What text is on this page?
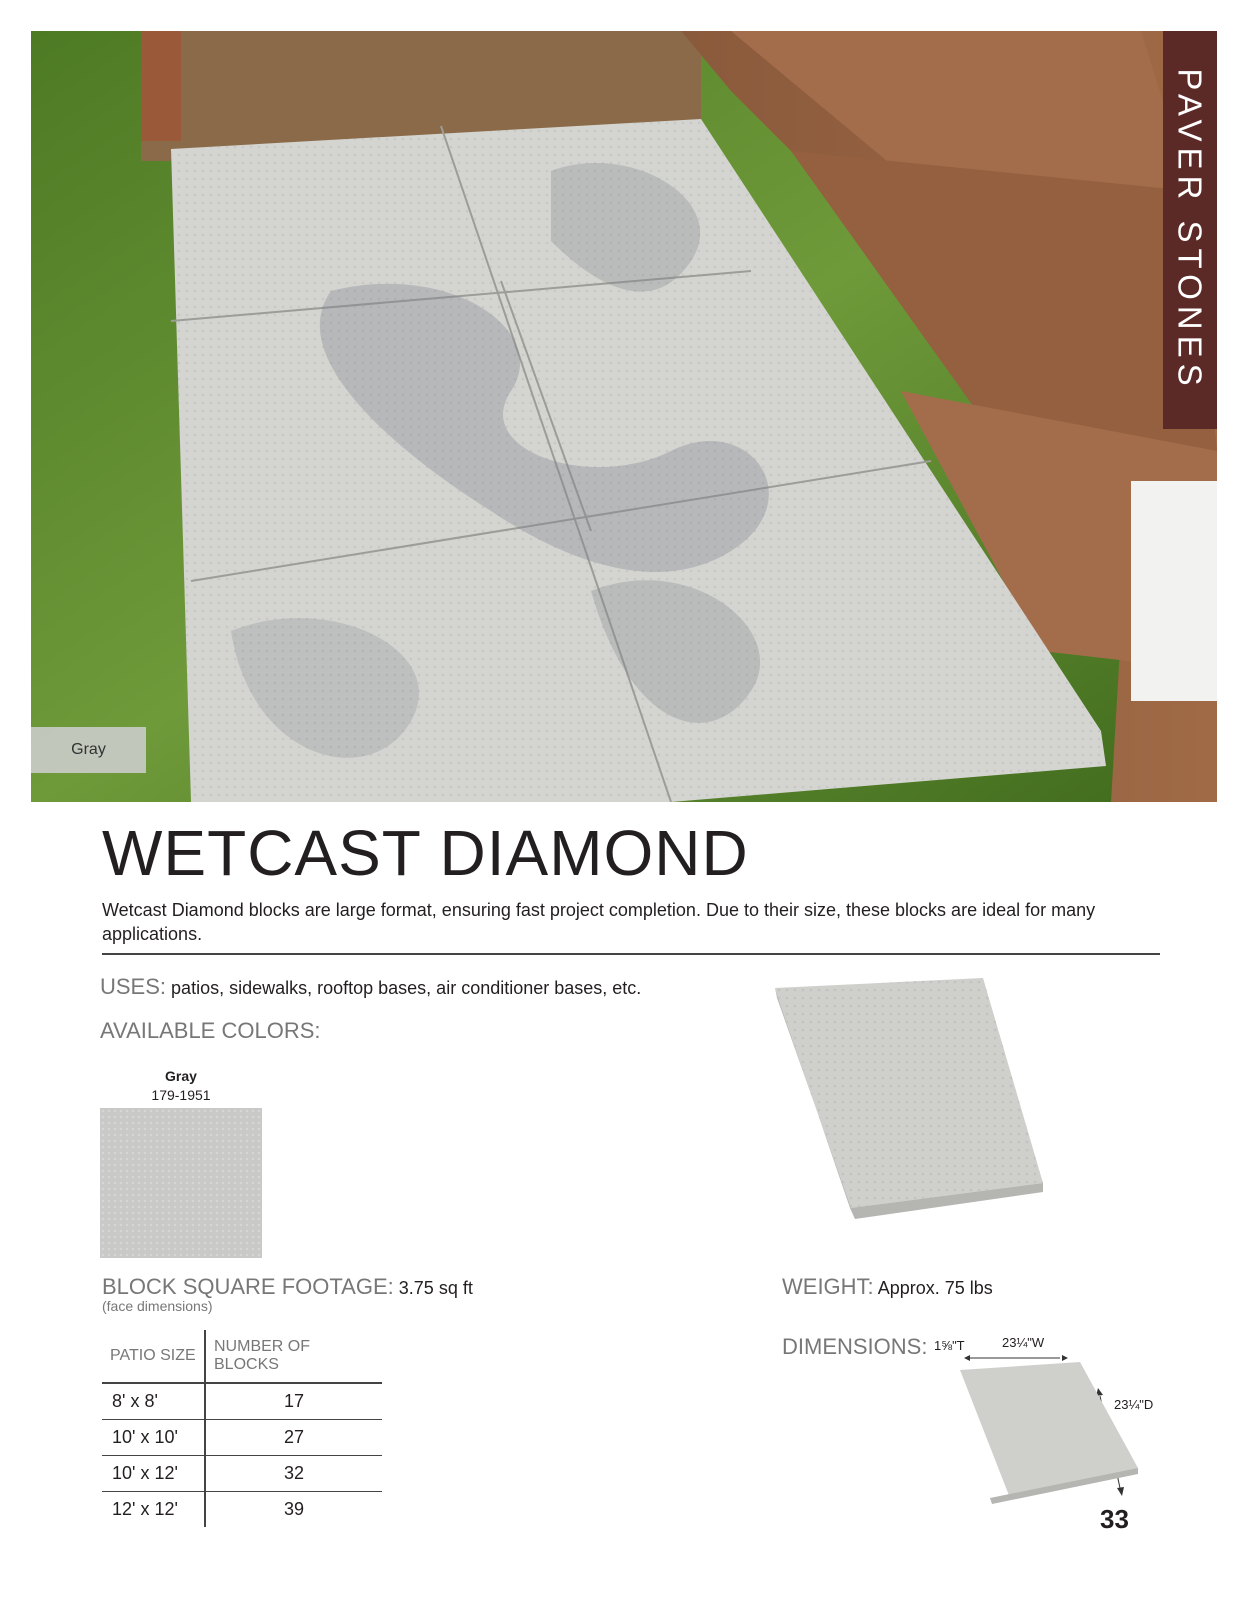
PAVER STONES
Gray
WETCAST DIAMOND

Wetcast Diamond blocks are large format, ensuring fast project completion. Due to their size, these blocks are ideal for many applications.

USES: patios, sidewalks, rooftop bases, air conditioner bases, etc.
AVAILABLE COLORS:
Gray
179-1951
BLOCK SQUARE FOOTAGE: 3.75 sq ft
(face dimensions)
PATIO SIZE	NUMBER OF BLOCKS
8' x 8'	17
10' x 10'	27
10' x 12'	32
12' x 12'	39
WEIGHT: Approx. 75 lbs
DIMENSIONS: 1⅝"T	23¼"W
23¼"D
33
